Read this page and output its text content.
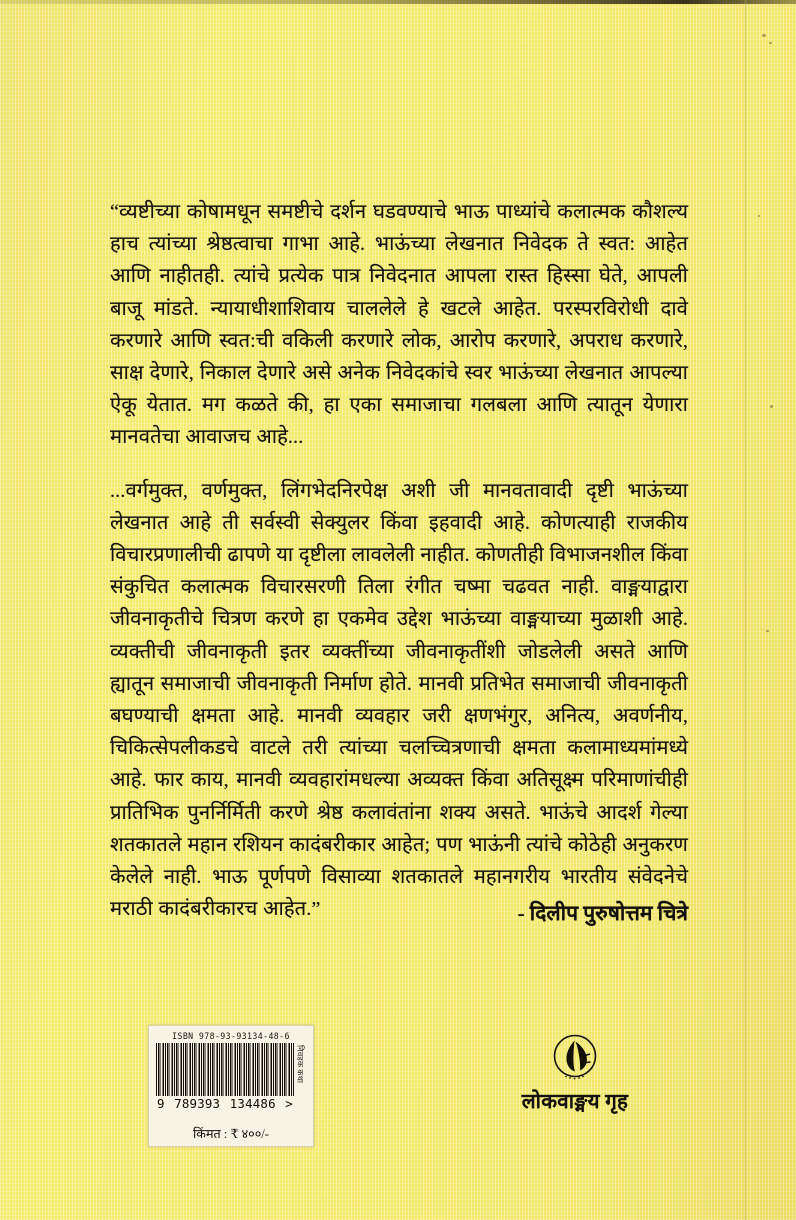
“व्यष्टीच्या कोषामधून समष्टीचे दर्शन घडवण्याचे भाऊ पाध्यांचे कलात्मक कौशल्य हाच त्यांच्या श्रेष्ठत्वाचा गाभा आहे. भाऊंच्या लेखनात निवेदक ते स्वत: आहेत आणि नाहीतही. त्यांचे प्रत्येक पात्र निवेदनात आपला रास्त हिस्सा घेते, आपली बाजू मांडते. न्यायाधीशाशिवाय चाललेले हे खटले आहेत. परस्परविरोधी दावे करणारे आणि स्वत:ची वकिली करणारे लोक, आरोप करणारे, अपराध करणारे, साक्ष देणारे, निकाल देणारे असे अनेक निवेदकांचे स्वर भाऊंच्या लेखनात आपल्या ऐकू येतात. मग कळते की, हा एका समाजाचा गलबला आणि त्यातून येणारा मानवतेचा आवाजच आहे...

...वर्गमुक्त, वर्णमुक्त, लिंगभेदनिरपेक्ष अशी जी मानवतावादी दृष्टी भाऊंच्या लेखनात आहे ती सर्वस्वी सेक्युलर किंवा इहवादी आहे. कोणत्याही राजकीय विचारप्रणालीची ढापणे या दृष्टीला लावलेली नाहीत. कोणतीही विभाजनशील किंवा संकुचित कलात्मक विचारसरणी तिला रंगीत चष्मा चढवत नाही. वाङ्मयाद्वारा जीवनाकृतीचे चित्रण करणे हा एकमेव उद्देश भाऊंच्या वाङ्मयाच्या मुळाशी आहे. व्यक्तीची जीवनाकृती इतर व्यक्तींच्या जीवनाकृतींशी जोडलेली असते आणि ह्यातून समाजाची जीवनाकृती निर्माण होते. मानवी प्रतिभेत समाजाची जीवनाकृती बघण्याची क्षमता आहे. मानवी व्यवहार जरी क्षणभंगुर, अनित्य, अवर्णनीय, चिकित्सेपलीकडचे वाटले तरी त्यांच्या चलच्चित्रणाची क्षमता कलामाध्यमांमध्ये आहे. फार काय, मानवी व्यवहारांमधल्या अव्यक्त किंवा अतिसूक्ष्म परिमाणांचीही प्रातिभिक पुनर्निर्मिती करणे श्रेष्ठ कलावंतांना शक्य असते. भाऊंचे आदर्श गेल्या शतकातले महान रशियन कादंबरीकार आहेत; पण भाऊंनी त्यांचे कोठेही अनुकरण केलेले नाही. भाऊ पूर्णपणे विसाव्या शतकातले महानगरीय भारतीय संवेदनेचे मराठी कादंबरीकारच आहेत.”	- दिलीप पुरुषोत्तम चित्रे
ISBN 978-93-93134-48-6
9 789393 134486 >
निवडक कथा
किंमत : ₹ ४००/-
लोकवाङ्मय गृह
